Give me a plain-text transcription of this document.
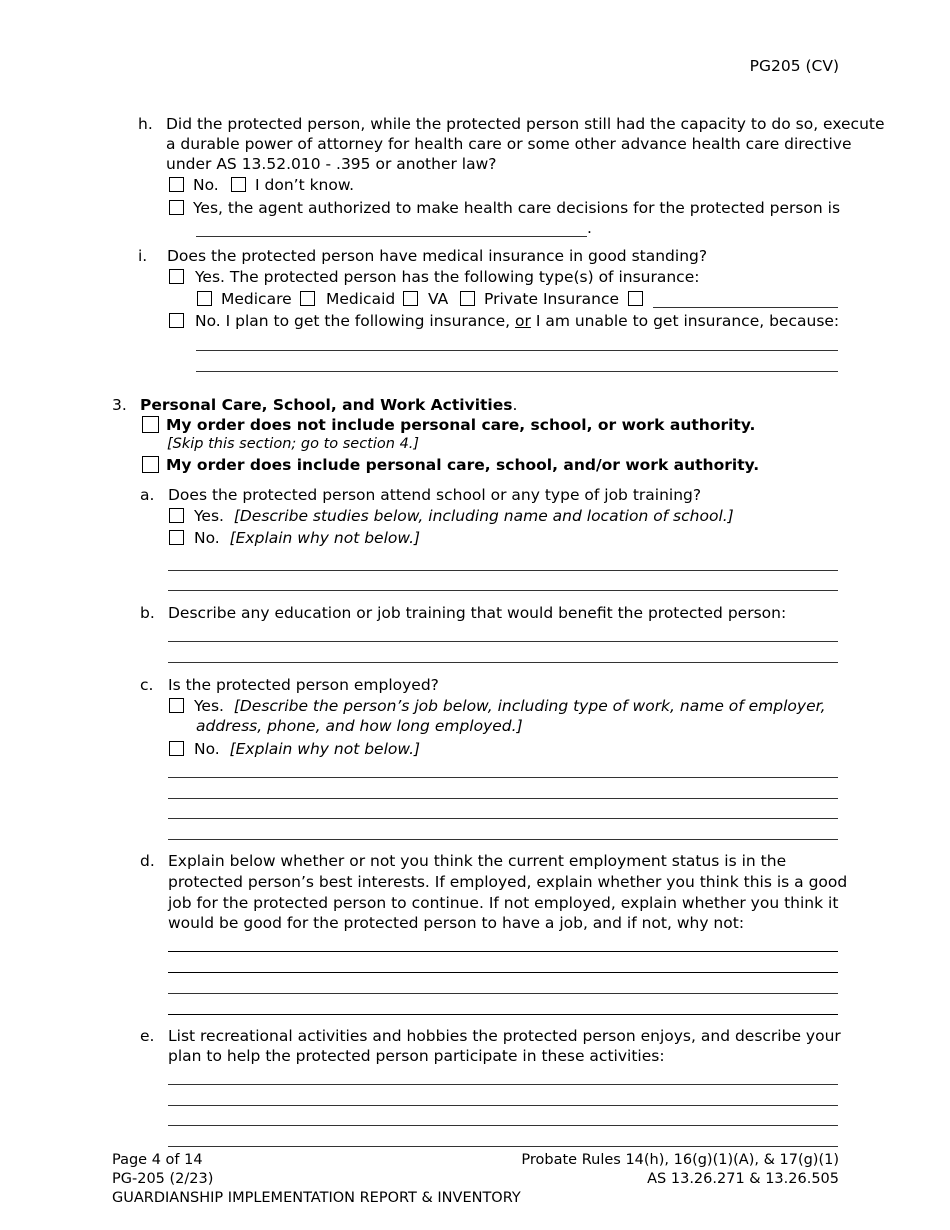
PG205 (CV)
h. Did the protected person, while the protected person still had the capacity to do so, execute
a durable power of attorney for health care or some other advance health care directive
under AS 13.52.010 - .395 or another law?
No. I don’t know.
Yes, the agent authorized to make health care decisions for the protected person is
.
i. Does the protected person have medical insurance in good standing?
Yes. The protected person has the following type(s) of insurance:
Medicare Medicaid VA Private Insurance
No. I plan to get the following insurance, or I am unable to get insurance, because:
3. Personal Care, School, and Work Activities.
My order does not include personal care, school, or work authority.
[Skip this section; go to section 4.]
My order does include personal care, school, and/or work authority.
a. Does the protected person attend school or any type of job training?
Yes. [Describe studies below, including name and location of school.]
No. [Explain why not below.]
b. Describe any education or job training that would benefit the protected person:
c. Is the protected person employed?
Yes. [Describe the person’s job below, including type of work, name of employer,
address, phone, and how long employed.]
No. [Explain why not below.]
d. Explain below whether or not you think the current employment status is in the
protected person’s best interests. If employed, explain whether you think this is a good
job for the protected person to continue. If not employed, explain whether you think it
would be good for the protected person to have a job, and if not, why not:
e. List recreational activities and hobbies the protected person enjoys, and describe your
plan to help the protected person participate in these activities:
Page 4 of 14
PG-205 (2/23)
GUARDIANSHIP IMPLEMENTATION REPORT & INVENTORY
Probate Rules 14(h), 16(g)(1)(A), & 17(g)(1)
AS 13.26.271 & 13.26.505
